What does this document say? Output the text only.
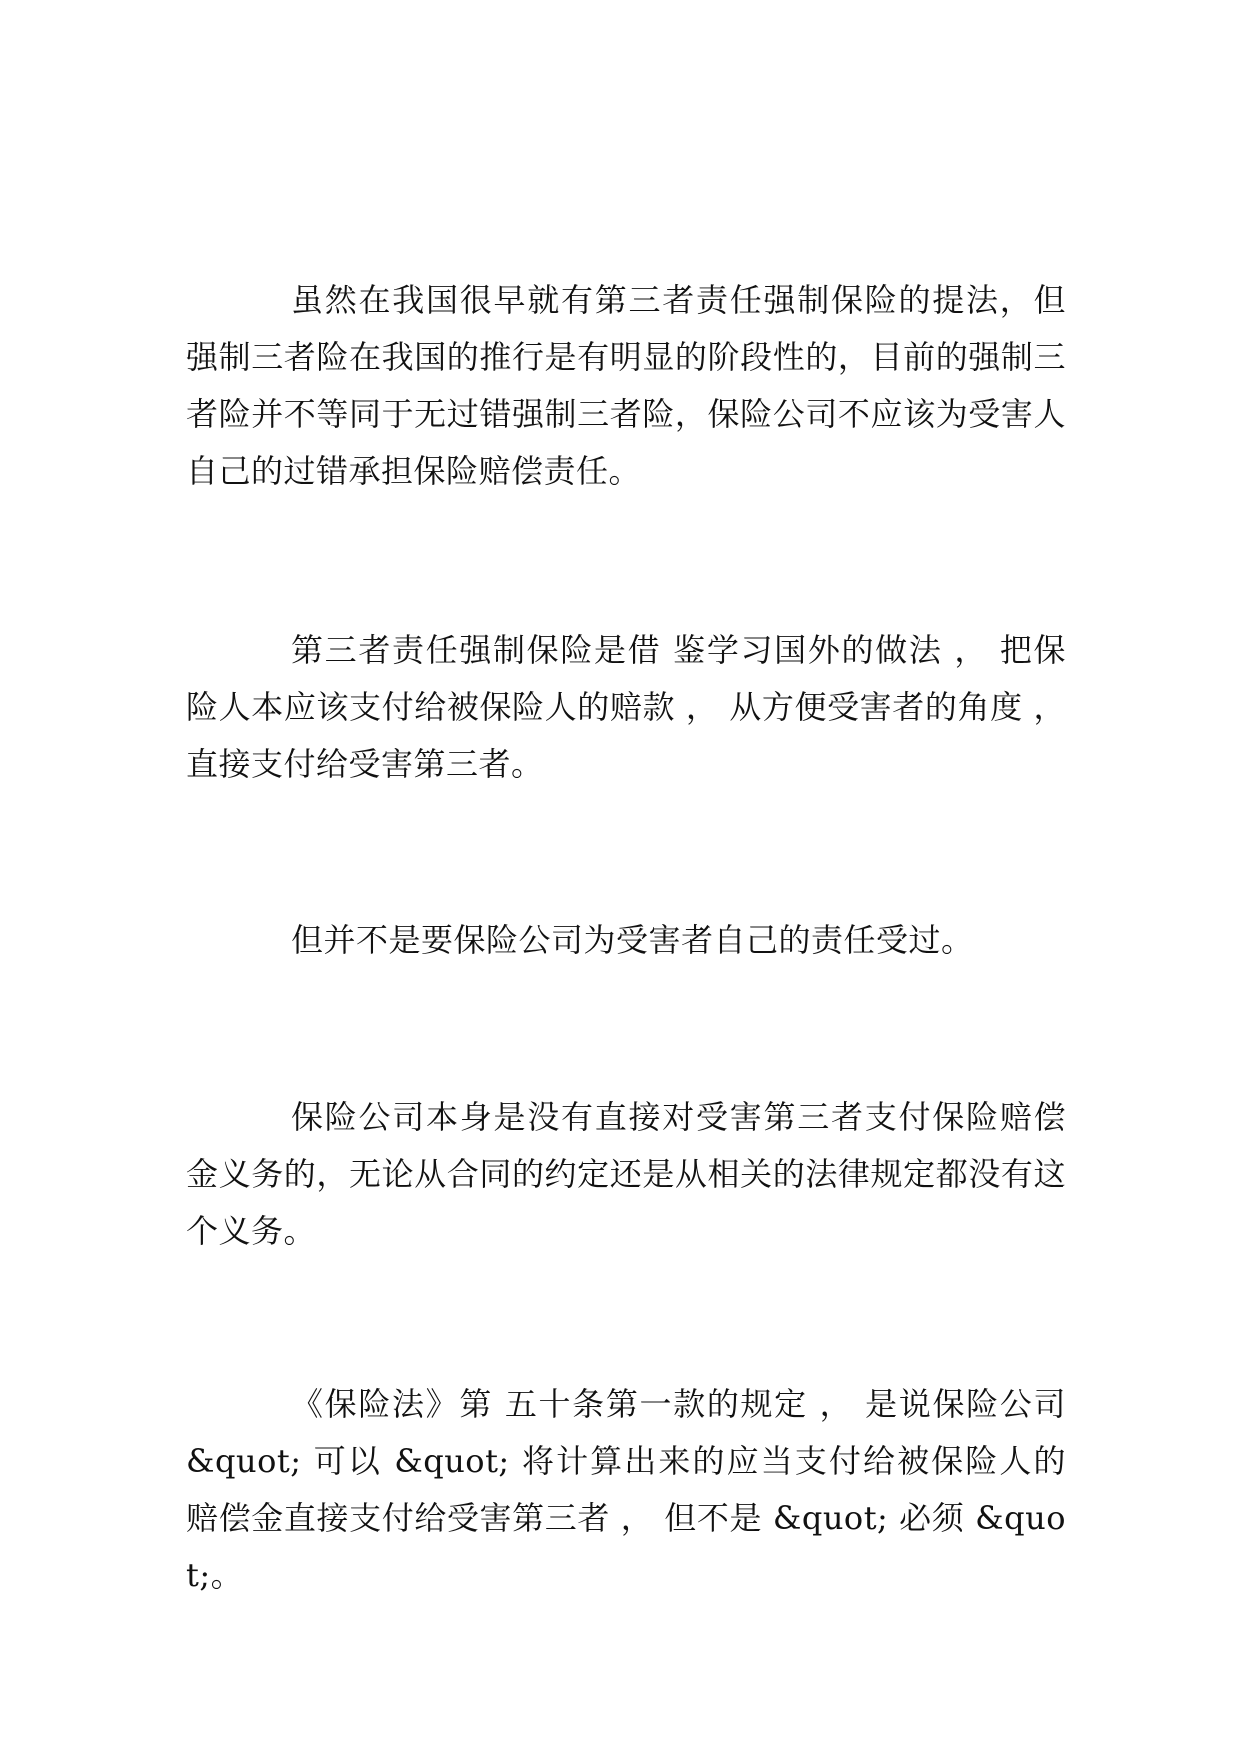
虽然在我国很早就有第三者责任强制保险的提法，但强制三者险在我国的推行是有明显的阶段性的，目前的强制三者险并不等同于无过错强制三者险，保险公司不应该为受害人自己的过错承担保险赔偿责任。

第三者责任强制保险是借 鉴学习国外的做法 ， 把保险人本应该支付给被保险人的赔款 ， 从方便受害者的角度 ， 直接支付给受害第三者。

但并不是要保险公司为受害者自己的责任受过。

保险公司本身是没有直接对受害第三者支付保险赔偿金义务的，无论从合同的约定还是从相关的法律规定都没有这个义务。

《保险法》第 五十条第一款的规定 ， 是说保险公司 &quot; 可以 &quot; 将计算出来的应当支付给被保险人的赔偿金直接支付给受害第三者 ， 但不是 &quot; 必须 &quot;。
